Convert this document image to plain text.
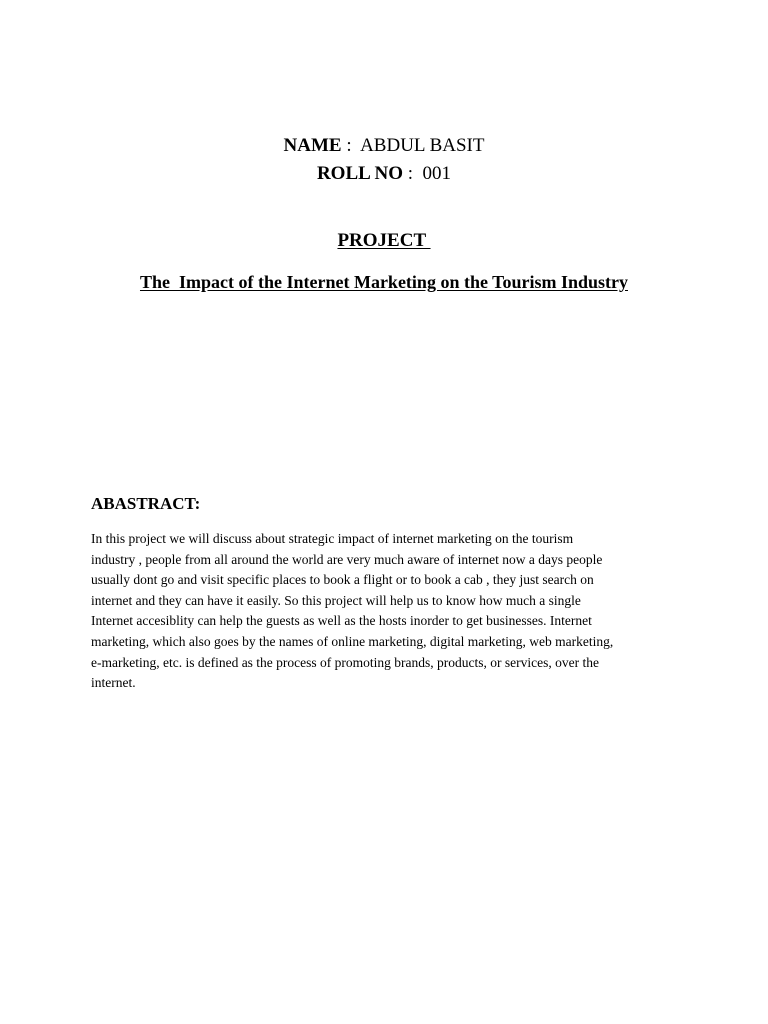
NAME :  ABDUL BASIT
ROLL NO :  001
PROJECT
The  Impact of the Internet Marketing on the Tourism Industry
ABASTRACT:

In this project we will discuss about strategic impact of internet marketing on the tourism
industry , people from all around the world are very much aware of internet now a days people
usually dont go and visit specific places to book a flight or to book a cab , they just search on
internet and they can have it easily. So this project will help us to know how much a single
Internet accesiblity can help the guests as well as the hosts inorder to get businesses. Internet
marketing, which also goes by the names of online marketing, digital marketing, web marketing,
e-marketing, etc. is defined as the process of promoting brands, products, or services, over the
internet.
